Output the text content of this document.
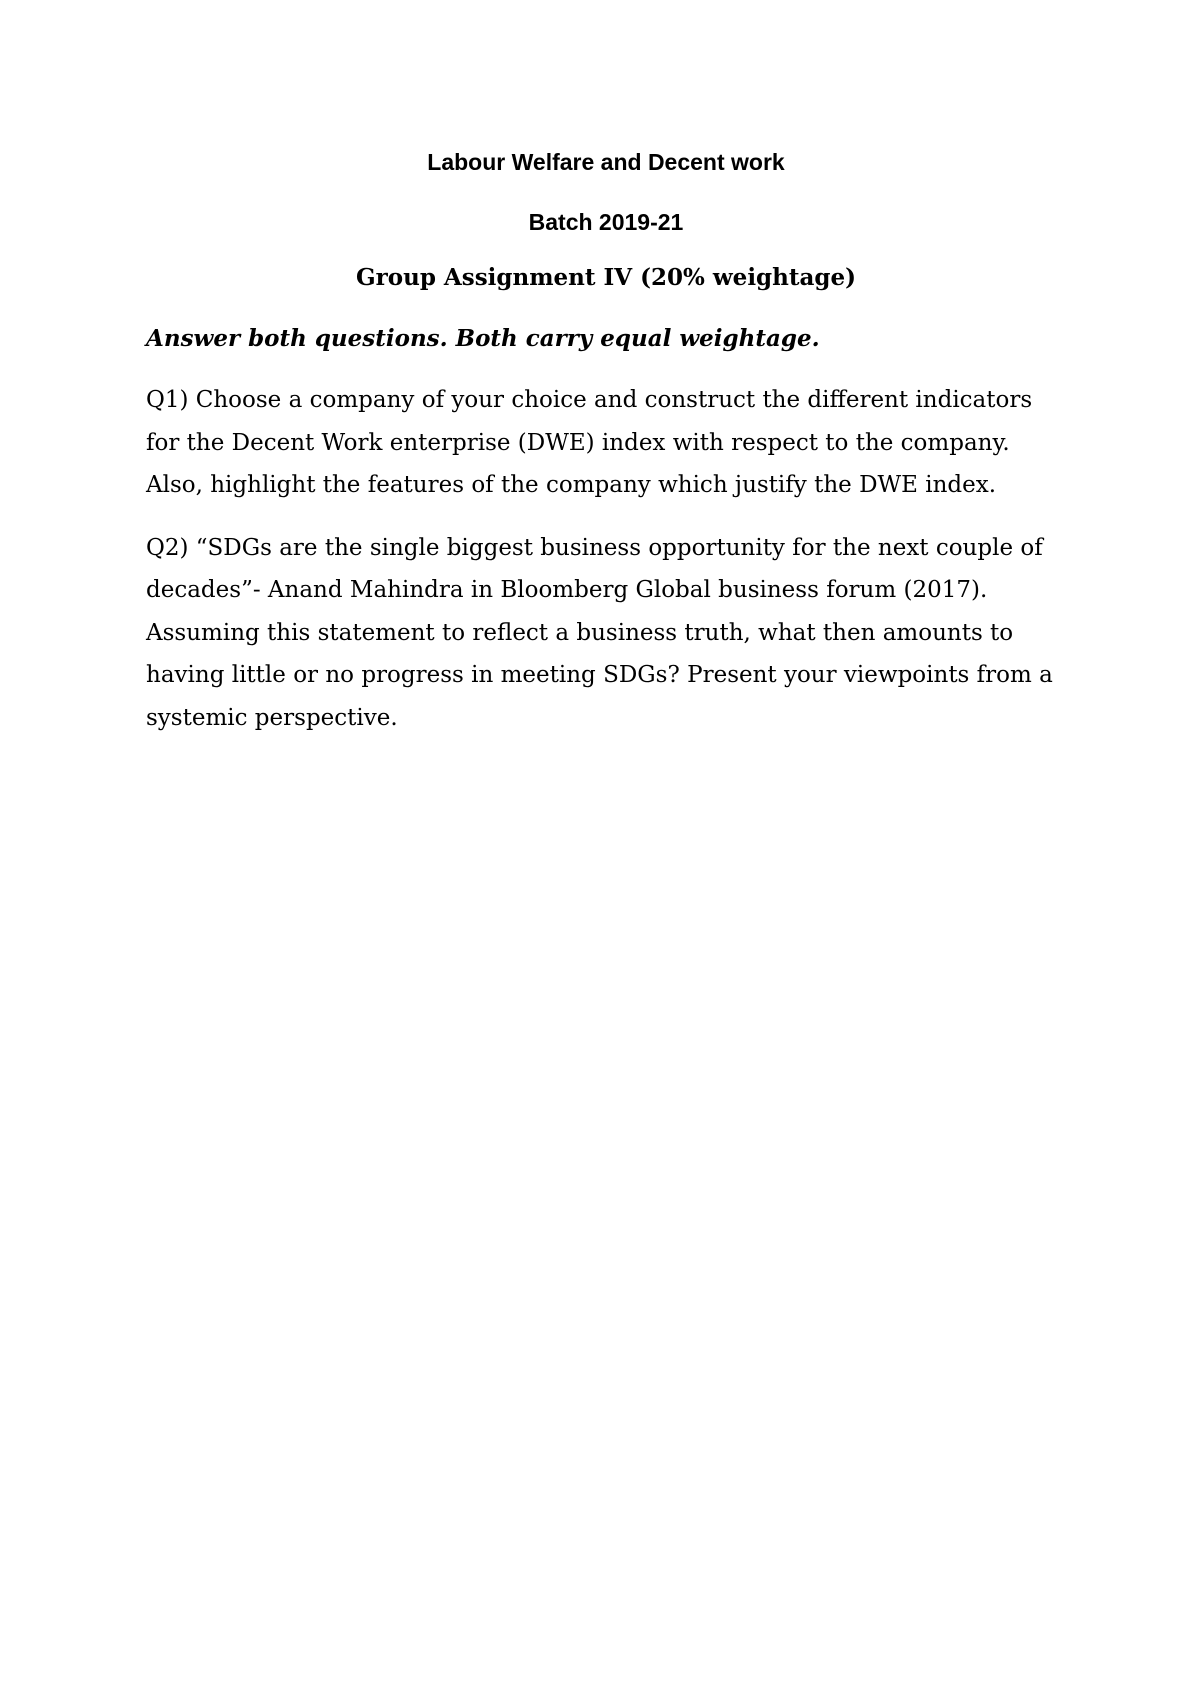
Labour Welfare and Decent work

Batch 2019-21

Group Assignment IV (20% weightage)

Answer both questions. Both carry equal weightage.

Q1) Choose a company of your choice and construct the different indicators for the Decent Work enterprise (DWE) index with respect to the company. Also, highlight the features of the company which justify the DWE index.

Q2) “SDGs are the single biggest business opportunity for the next couple of decades”- Anand Mahindra in Bloomberg Global business forum (2017). Assuming this statement to reflect a business truth, what then amounts to having little or no progress in meeting SDGs? Present your viewpoints from a systemic perspective.
